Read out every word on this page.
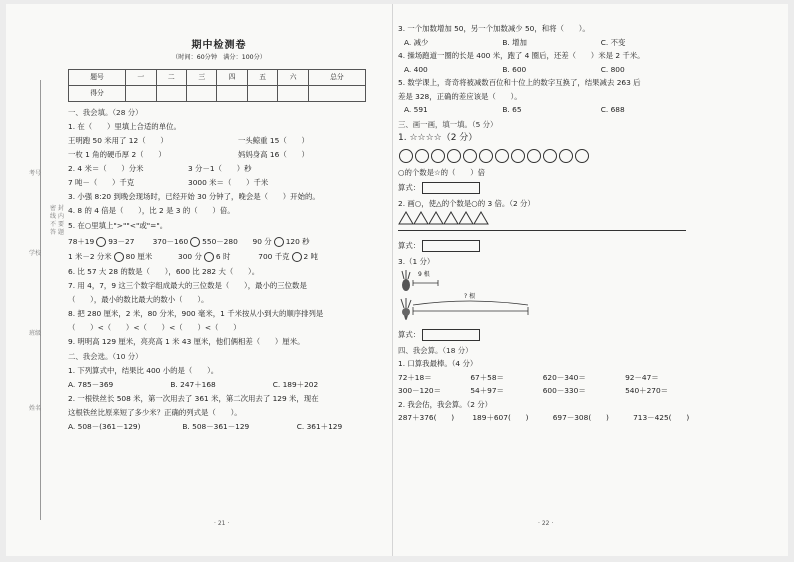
考号
姓名
学校
班级
密 封 线 内 不 要 答 题
期中检测卷
（时间：60分钟　满分：100分）
题号	一	二	三	四	五	六	总分
得分							
一、我会填。（28 分）
1. 在（　　）里填上合适的单位。
王明跑 50 米用了 12（　　）	一头鲸重 15（　　）
一枚 1 角的硬币厚 2（　　）	妈妈身高 16（　　）
2. 4 米＝（　　）分米	3 分－1（　　）秒
7 吨－（　　）千克	3000 米＝（　　）千米
3. 小强 8:20 到晚会现场时，已经开始 30 分钟了，晚会是（　　）开始的。
4. 8 的 4 倍是（　　），比 2 是 3 的（　　）倍。
5. 在○里填上">""<"或"="。
78＋19 93－27 370－160 550－280 90 分 120 秒
1 米－2 分米 80 厘米	300 分 6 时	700 千克 2 吨
6. 比 57 大 28 的数是（　　），600 比 282 大（　　）。
7. 用 4，7，9 这三个数字组成最大的三位数是（　　），最小的三位数是
（　　），最小的数比最大的数小（　　）。
8. 把 280 厘米，2 米，80 分米，900 毫米，1 千米按从小到大的顺序排列是
（　　）<（　　）<（　　）<（　　）<（　　）
9. 明明高 129 厘米，亮亮高 1 米 43 厘米，他们俩相差（　　）厘米。
二、我会选。（10 分）
1. 下列算式中，结果比 400 小的是（　　）。
A. 785－369	B. 247＋168	C. 189＋202
2. 一根铁丝长 508 米，第一次用去了 361 米，第二次用去了 129 米，现在
这根铁丝比原来短了多少米？正确的列式是（　　）。
A. 508－(361－129)	B. 508－361－129	C. 361＋129
· 21 ·
3. 一个加数增加 50，另一个加数减少 50，和将（　　）。
A. 减少	B. 增加	C. 不变
4. 操场跑道一圈的长是 400 米，跑了 4 圈后，还差（　　）米是 2 千米。
A. 400	B. 600	C. 800
5. 数学课上，奇奇将被减数百位和十位上的数字互换了，结果减去 263 后
差是 328，正确的差应该是（　　）。
A. 591	B. 65	C. 688
三、画一画，填一填。（5 分）
1. ☆☆☆☆（2 分）
○的个数是☆的（　　）倍
算式：
2. 画○，使△的个数是○的 3 倍。（2 分）
算式：
3.（1 分）
9 根
? 根
算式：
四、我会算。（18 分）
1. 口算我最棒。（4 分）
72＋18＝	67＋58＝	620－340＝	92－47＝
300－120＝	54＋97＝	600－330＝	540＋270＝
2. 我会估，我会算。（2 分）
287＋376(　　) 189＋607(　　)	697－308(　　)	713－425(　　)
· 22 ·
